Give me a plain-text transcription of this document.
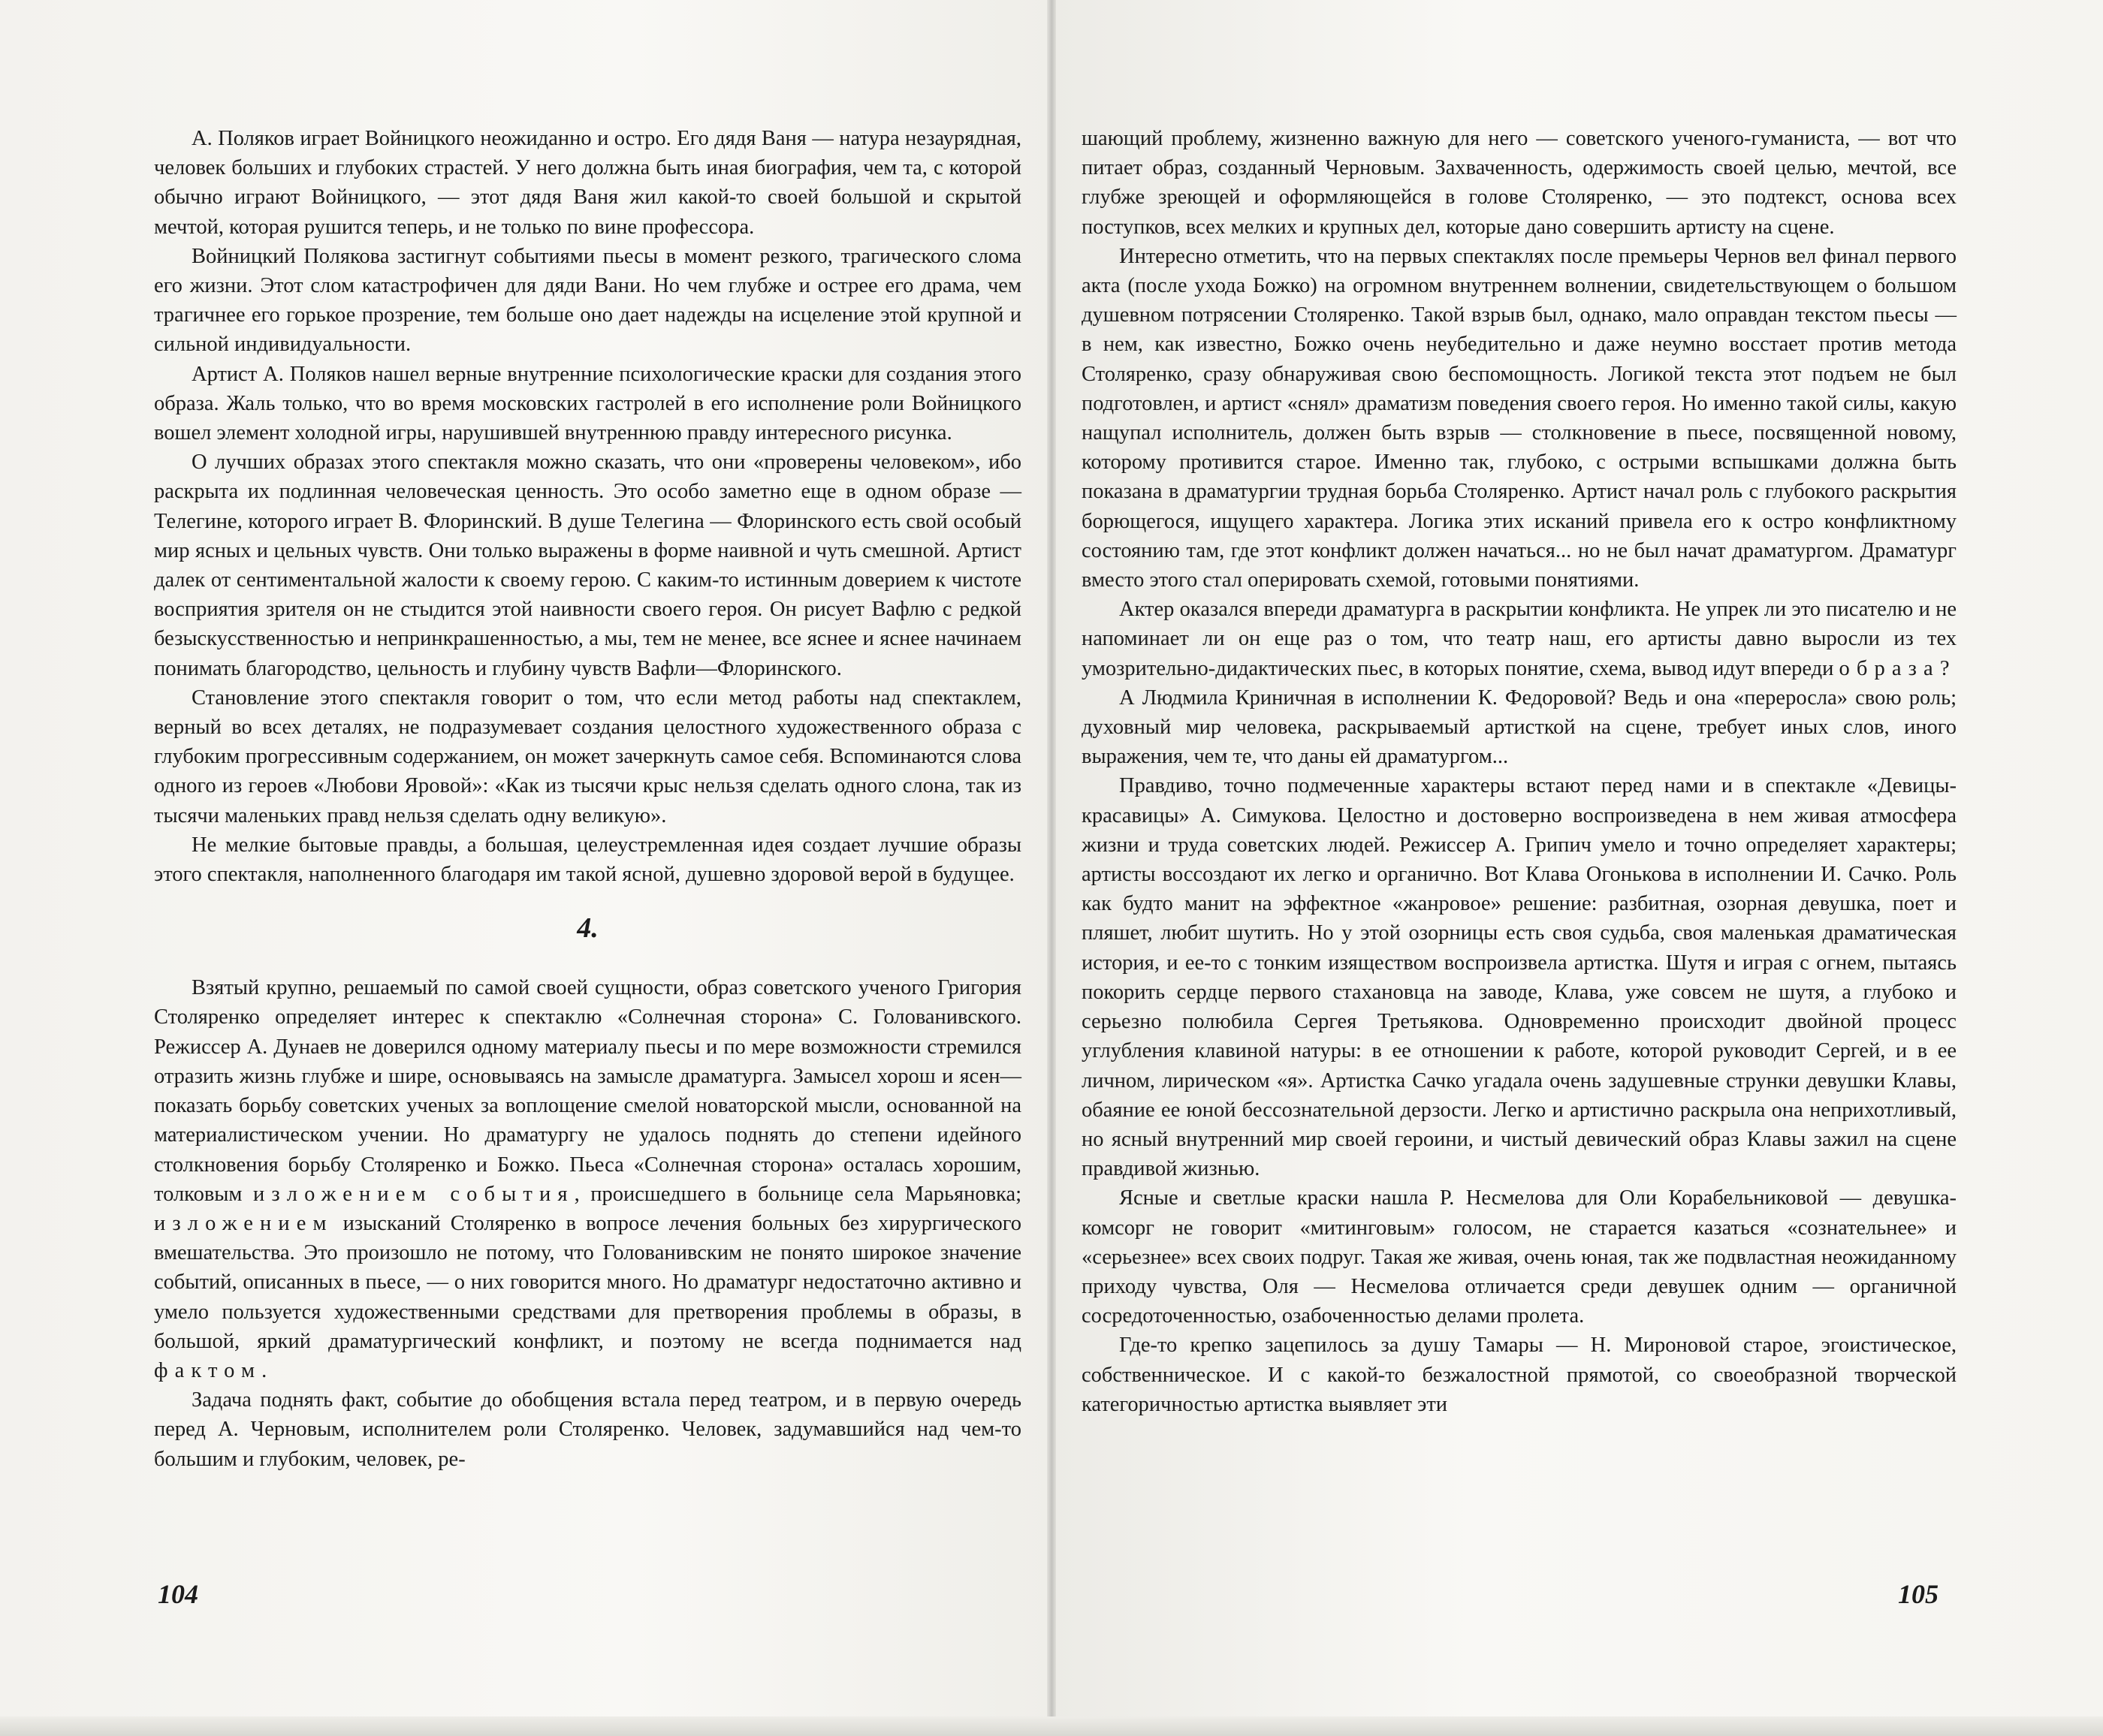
А. Поляков играет Войницкого неожиданно и остро. Его дядя Ваня — натура незаурядная, человек больших и глубоких страстей. У него должна быть иная биография, чем та, с которой обычно играют Войницкого, — этот дядя Ваня жил какой-то своей большой и скрытой мечтой, которая рушится теперь, и не только по вине профессора.

Войницкий Полякова застигнут событиями пьесы в момент резкого, трагического слома его жизни. Этот слом катастрофичен для дяди Вани. Но чем глубже и острее его драма, чем трагичнее его горькое прозрение, тем больше оно дает надежды на исцеление этой крупной и сильной индивидуальности.

Артист А. Поляков нашел верные внутренние психологические краски для создания этого образа. Жаль только, что во время московских гастролей в его исполнение роли Войницкого вошел элемент холодной игры, нарушившей внутреннюю правду интересного рисунка.

О лучших образах этого спектакля можно сказать, что они «проверены человеком», ибо раскрыта их подлинная человеческая ценность. Это особо заметно еще в одном образе — Телегине, которого играет В. Флоринский. В душе Телегина — Флоринского есть свой особый мир ясных и цельных чувств. Они только выражены в форме наивной и чуть смешной. Артист далек от сентиментальной жалости к своему герою. С каким-то истинным доверием к чистоте восприятия зрителя он не стыдится этой наивности своего героя. Он рисует Вафлю с редкой безыскусственностью и непринкрашенностью, а мы, тем не менее, все яснее и яснее начинаем понимать благородство, цельность и глубину чувств Вафли—Флоринского.

Становление этого спектакля говорит о том, что если метод работы над спектаклем, верный во всех деталях, не подразумевает создания целостного художественного образа с глубоким прогрессивным содержанием, он может зачеркнуть самое себя. Вспоминаются слова одного из героев «Любови Яровой»: «Как из тысячи крыс нельзя сделать одного слона, так из тысячи маленьких правд нельзя сделать одну великую».

Не мелкие бытовые правды, а большая, целеустремленная идея создает лучшие образы этого спектакля, наполненного благодаря им такой ясной, душевно здоровой верой в будущее.

4.

Взятый крупно, решаемый по самой своей сущности, образ советского ученого Григория Столяренко определяет интерес к спектаклю «Солнечная сторона» С. Голованивского. Режиссер А. Дунаев не доверился одному материалу пьесы и по мере возможности стремился отразить жизнь глубже и шире, основываясь на замысле драматурга. Замысел хорош и ясен—показать борьбу советских ученых за воплощение смелой новаторской мысли, основанной на материалистическом учении. Но драматургу не удалось поднять до степени идейного столкновения борьбу Столяренко и Божко. Пьеса «Солнечная сторона» осталась хорошим, толковым изложением события, происшедшего в больнице села Марьяновка; изложением изысканий Столяренко в вопросе лечения больных без хирургического вмешательства. Это произошло не потому, что Голованивским не понято широкое значение событий, описанных в пьесе, — о них говорится много. Но драматург недостаточно активно и умело пользуется художественными средствами для претворения проблемы в образы, в большой, яркий драматургический конфликт, и поэтому не всегда поднимается над фактом.

Задача поднять факт, событие до обобщения встала перед театром, и в первую очередь перед А. Черновым, исполнителем роли Столяренко. Человек, задумавшийся над чем-то большим и глубоким, человек, ре-

104

шающий проблему, жизненно важную для него — советского ученого-гуманиста, — вот что питает образ, созданный Черновым. Захваченность, одержимость своей целью, мечтой, все глубже зреющей и оформляющейся в голове Столяренко, — это подтекст, основа всех поступков, всех мелких и крупных дел, которые дано совершить артисту на сцене.

Интересно отметить, что на первых спектаклях после премьеры Чернов вел финал первого акта (после ухода Божко) на огромном внутреннем волнении, свидетельствующем о большом душевном потрясении Столяренко. Такой взрыв был, однако, мало оправдан текстом пьесы — в нем, как известно, Божко очень неубедительно и даже неумно восстает против метода Столяренко, сразу обнаруживая свою беспомощность. Логикой текста этот подъем не был подготовлен, и артист «снял» драматизм поведения своего героя. Но именно такой силы, какую нащупал исполнитель, должен быть взрыв — столкновение в пьесе, посвященной новому, которому противится старое. Именно так, глубоко, с острыми вспышками должна быть показана в драматургии трудная борьба Столяренко. Артист начал роль с глубокого раскрытия борющегося, ищущего характера. Логика этих исканий привела его к остро конфликтному состоянию там, где этот конфликт должен начаться... но не был начат драматургом. Драматург вместо этого стал оперировать схемой, готовыми понятиями.

Актер оказался впереди драматурга в раскрытии конфликта. Не упрек ли это писателю и не напоминает ли он еще раз о том, что театр наш, его артисты давно выросли из тех умозрительно-дидактических пьес, в которых понятие, схема, вывод идут впереди образа?

А Людмила Криничная в исполнении К. Федоровой? Ведь и она «переросла» свою роль; духовный мир человека, раскрываемый артисткой на сцене, требует иных слов, иного выражения, чем те, что даны ей драматургом...

Правдиво, точно подмеченные характеры встают перед нами и в спектакле «Девицы-красавицы» А. Симукова. Целостно и достоверно воспроизведена в нем живая атмосфера жизни и труда советских людей. Режиссер А. Грипич умело и точно определяет характеры; артисты воссоздают их легко и органично. Вот Клава Огонькова в исполнении И. Сачко. Роль как будто манит на эффектное «жанровое» решение: разбитная, озорная девушка, поет и пляшет, любит шутить. Но у этой озорницы есть своя судьба, своя маленькая драматическая история, и ее-то с тонким изяществом воспроизвела артистка. Шутя и играя с огнем, пытаясь покорить сердце первого стахановца на заводе, Клава, уже совсем не шутя, а глубоко и серьезно полюбила Сергея Третьякова. Одновременно происходит двойной процесс углубления клавиной натуры: в ее отношении к работе, которой руководит Сергей, и в ее личном, лирическом «я». Артистка Сачко угадала очень задушевные струнки девушки Клавы, обаяние ее юной бессознательной дерзости. Легко и артистично раскрыла она неприхотливый, но ясный внутренний мир своей героини, и чистый девический образ Клавы зажил на сцене правдивой жизнью.

Ясные и светлые краски нашла Р. Несмелова для Оли Корабельниковой — девушка-комсорг не говорит «митинговым» голосом, не старается казаться «сознательнее» и «серьезнее» всех своих подруг. Такая же живая, очень юная, так же подвластная неожиданному приходу чувства, Оля — Несмелова отличается среди девушек одним — органичной сосредоточенностью, озабоченностью делами пролета.

Где-то крепко зацепилось за душу Тамары — Н. Мироновой старое, эгоистическое, собственническое. И с какой-то безжалостной прямотой, со своеобразной творческой категоричностью артистка выявляет эти

105
